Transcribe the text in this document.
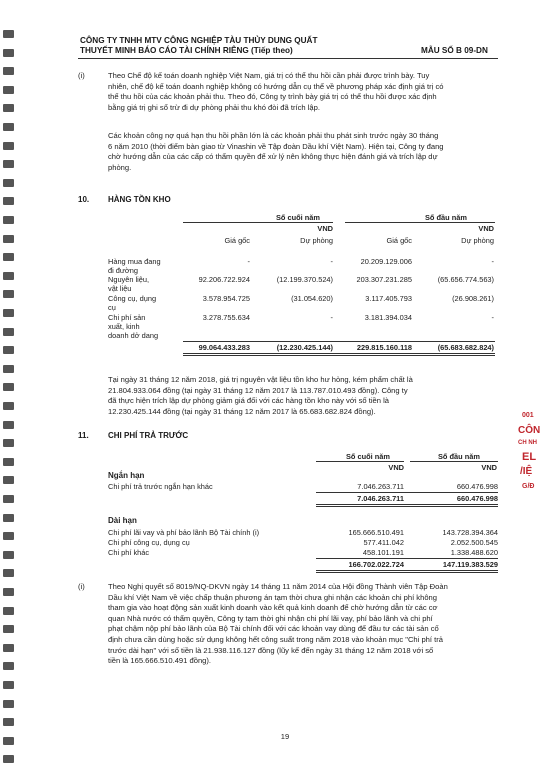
CÔNG TY TNHH MTV CÔNG NGHIỆP TÀU THỦY DUNG QUẤT
THUYẾT MINH BÁO CÁO TÀI CHÍNH RIÊNG (Tiếp theo)	MẪU SỐ B 09-DN
(i)	Theo Chế độ kế toán doanh nghiệp Việt Nam, giá trị có thể thu hồi cần phải được trình bày. Tuy
nhiên, chế độ kế toán doanh nghiệp không có hướng dẫn cụ thể về phương pháp xác định giá trị có
thể thu hồi của các khoản phải thu. Theo đó, Công ty trình bày giá trị có thể thu hồi được xác định
bằng giá trị ghi sổ trừ đi dự phòng phải thu khó đòi đã trích lập.
Các khoản công nợ quá hạn thu hồi phần lớn là các khoản phải thu phát sinh trước ngày 30 tháng
6 năm 2010 (thời điểm bàn giao từ Vinashin về Tập đoàn Dầu khí Việt Nam). Hiện tại, Công ty đang
chờ hướng dẫn của các cấp có thẩm quyền để xử lý nên không thực hiện đánh giá và trích lập dự
phòng.
10. HÀNG TỒN KHO
Số cuối năm	Số đầu năm
VND	VND
Giá gốc	Dự phòng	Giá gốc	Dự phòng
Hàng mua đang
đi đường
-	-	20.209.129.006	-
Nguyên liệu,
vật liệu
92.206.722.924	(12.199.370.524)	203.307.231.285	(65.656.774.563)
Công cụ, dụng
cụ
3.578.954.725	(31.054.620)	3.117.405.793	(26.908.261)
Chi phí sản
xuất, kinh
doanh dở dang
3.278.755.634	-	3.181.394.034	-
99.064.433.283	(12.230.425.144)	229.815.160.118	(65.683.682.824)
Tại ngày 31 tháng 12 năm 2018, giá trị nguyên vật liệu tồn kho hư hỏng, kém phẩm chất là
21.804.933.064 đồng (tại ngày 31 tháng 12 năm 2017 là 113.787.010.493 đồng). Công ty
đã thực hiện trích lập dự phòng giảm giá đối với các hàng tồn kho này với số tiền là
12.230.425.144 đồng (tại ngày 31 tháng 12 năm 2017 là 65.683.682.824 đồng).
11. CHI PHÍ TRẢ TRƯỚC
Số cuối năm	Số đầu năm
VND	VND
Ngắn hạn
Chi phí trả trước ngắn hạn khác	7.046.263.711	660.476.998
7.046.263.711	660.476.998
Dài hạn
Chi phí lãi vay và phí bảo lãnh Bộ Tài chính (i)	165.666.510.491	143.728.394.364
Chi phí công cụ, dụng cụ	577.411.042	2.052.500.545
Chi phí khác	458.101.191	1.338.488.620
166.702.022.724	147.119.383.529
(i)	Theo Nghị quyết số 8019/NQ-DKVN ngày 14 tháng 11 năm 2014 của Hội đồng Thành viên Tập Đoàn
Dầu khí Việt Nam về việc chấp thuận phương án tạm thời chưa ghi nhận các khoản chi phí không
tham gia vào hoạt động sản xuất kinh doanh vào kết quả kinh doanh để chờ hướng dẫn từ các cơ
quan Nhà nước có thẩm quyền, Công ty tạm thời ghi nhận chi phí lãi vay, phí bảo lãnh và chi phí
phạt chậm nộp phí bảo lãnh của Bộ Tài chính đối với các khoản vay dùng để đầu tư các tài sản cố
định chưa cần dùng hoặc sử dụng không hết công suất trong năm 2018 vào khoản mục "Chi phí trả
trước dài hạn" với số tiền là 21.938.116.127 đồng (lũy kế đến ngày 31 tháng 12 năm 2018 với số
tiền là 165.666.510.491 đồng).
19
001
CÔN
CH NH
EL
/IỆ
G/Đ
